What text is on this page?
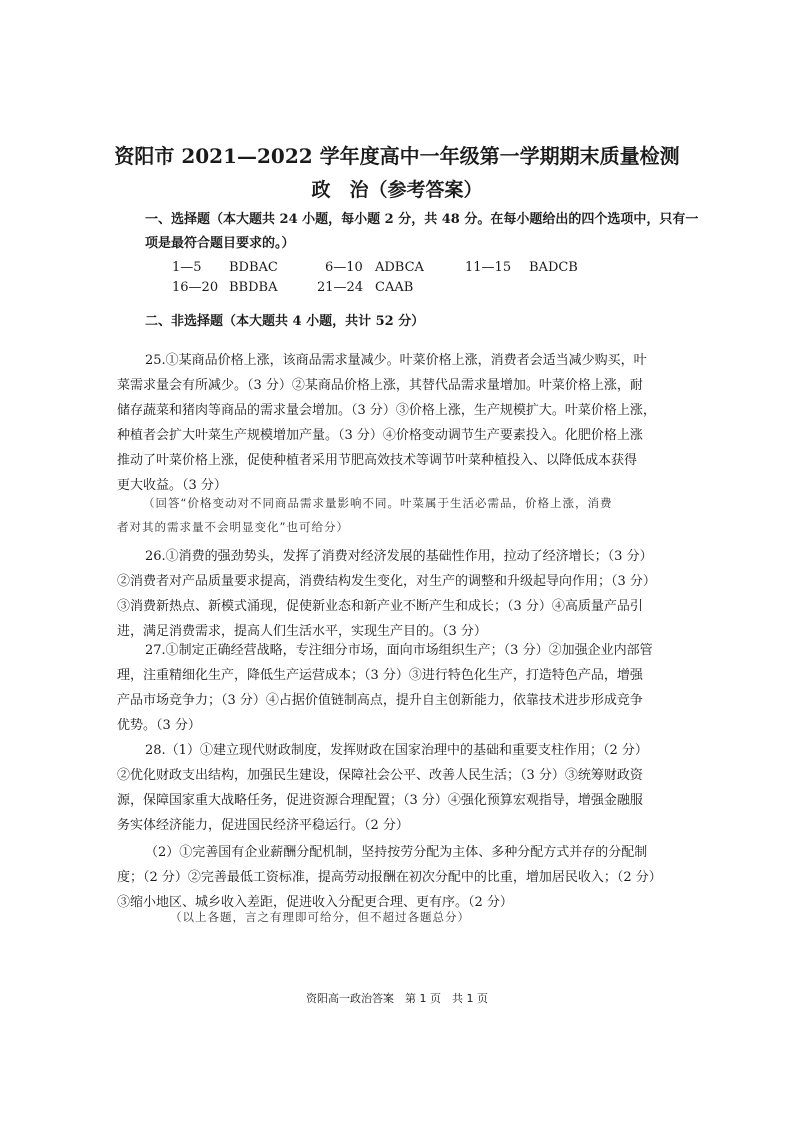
资阳市 2021—2022 学年度高中一年级第一学期期末质量检测
政　治（参考答案）
一、选择题（本大题共 24 小题，每小题 2 分，共 48 分。在每小题给出的四个选项中，只有一
项是最符合题目要求的。）
1—5 BDBAC	6—10 ADBCA	11—15 BADCB
16—20 BBDBA	21—24 CAAB
二、非选择题（本大题共 4 小题，共计 52 分）
25.①某商品价格上涨，该商品需求量减少。叶菜价格上涨，消费者会适当减少购买，叶
菜需求量会有所减少。（3 分）②某商品价格上涨，其替代品需求量增加。叶菜价格上涨，耐
储存蔬菜和猪肉等商品的需求量会增加。（3 分）③价格上涨，生产规模扩大。叶菜价格上涨，
种植者会扩大叶菜生产规模增加产量。（3 分）④价格变动调节生产要素投入。化肥价格上涨
推动了叶菜价格上涨，促使种植者采用节肥高效技术等调节叶菜种植投入、以降低成本获得
更大收益。（3 分）
（回答“价格变动对不同商品需求量影响不同。叶菜属于生活必需品，价格上涨，消费
者对其的需求量不会明显变化”也可给分）
26.①消费的强劲势头，发挥了消费对经济发展的基础性作用，拉动了经济增长；（3 分）
②消费者对产品质量要求提高，消费结构发生变化，对生产的调整和升级起导向作用；（3 分）
③消费新热点、新模式涌现，促使新业态和新产业不断产生和成长；（3 分）④高质量产品引
进，满足消费需求，提高人们生活水平，实现生产目的。（3 分）
27.①制定正确经营战略，专注细分市场，面向市场组织生产；（3 分）②加强企业内部管
理，注重精细化生产，降低生产运营成本；（3 分）③进行特色化生产，打造特色产品，增强
产品市场竞争力；（3 分）④占据价值链制高点，提升自主创新能力，依靠技术进步形成竞争
优势。（3 分）
28.（1）①建立现代财政制度，发挥财政在国家治理中的基础和重要支柱作用；（2 分）
②优化财政支出结构，加强民生建设，保障社会公平、改善人民生活；（3 分）③统筹财政资
源，保障国家重大战略任务，促进资源合理配置；（3 分）④强化预算宏观指导，增强金融服
务实体经济能力，促进国民经济平稳运行。（2 分）
（2）①完善国有企业薪酬分配机制，坚持按劳分配为主体、多种分配方式并存的分配制
度；（2 分）②完善最低工资标准，提高劳动报酬在初次分配中的比重，增加居民收入；（2 分）
③缩小地区、城乡收入差距，促进收入分配更合理、更有序。（2 分）
（以上各题，言之有理即可给分，但不超过各题总分）
资阳高一政治答案　第 1 页　共 1 页
